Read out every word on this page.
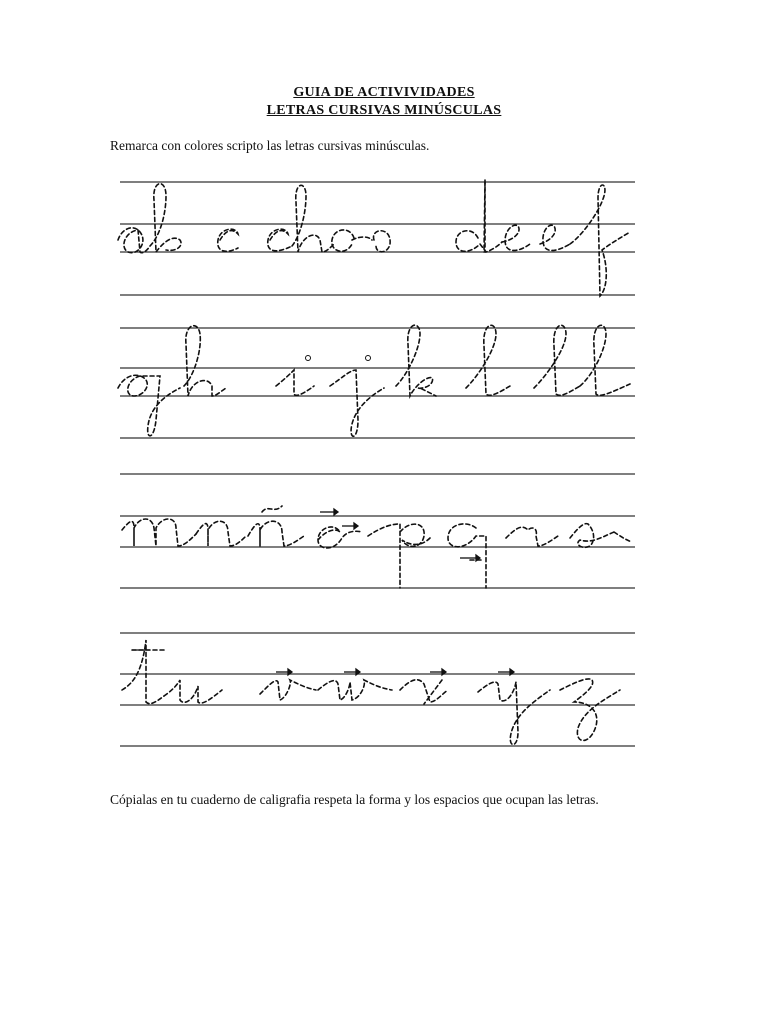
GUIA DE ACTIVIVIDADES
LETRAS CURSIVAS MINÚSCULAS
Remarca con colores scripto las letras cursivas minúsculas.
Cópialas en tu cuaderno de caligrafia respeta la forma y los espacios que ocupan las letras.
